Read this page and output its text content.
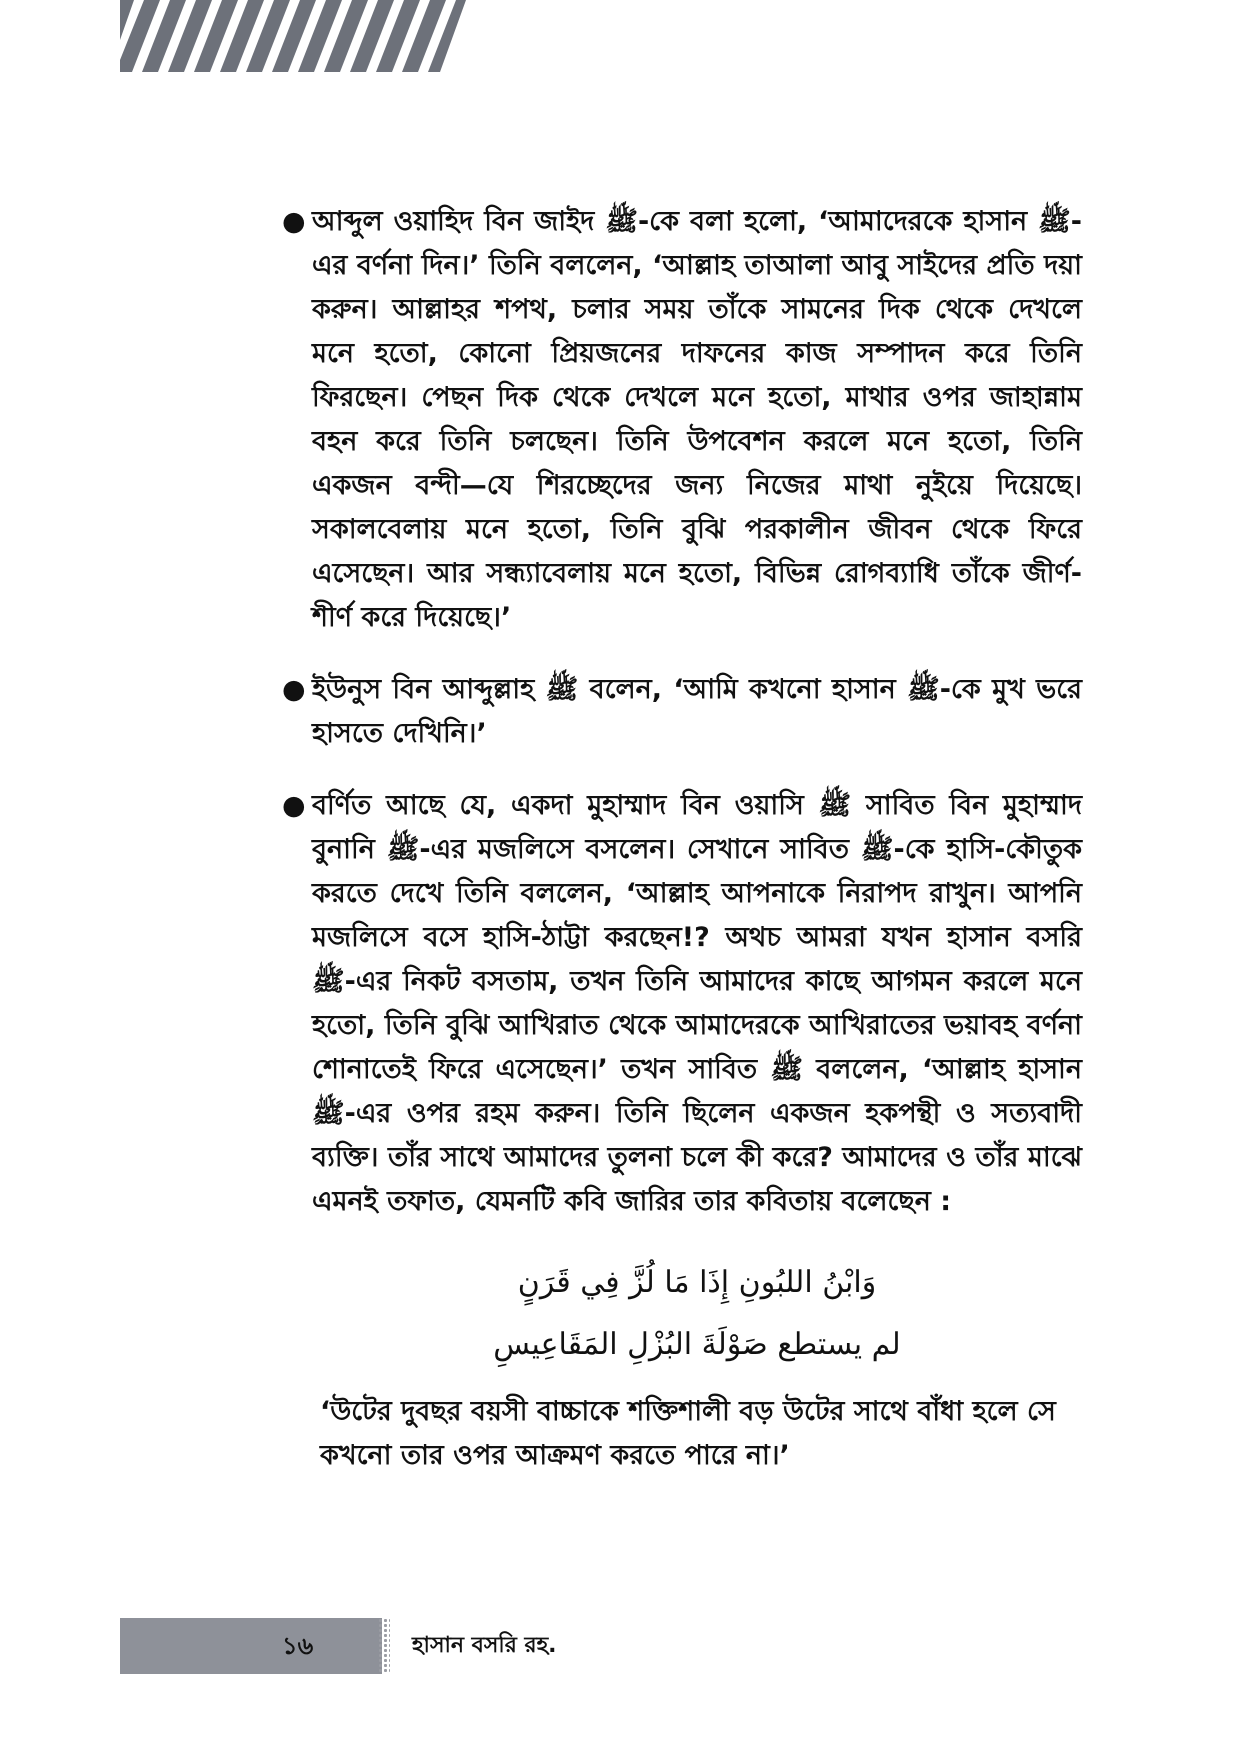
● আব্দুল ওয়াহিদ বিন জাইদ ﷺ-কে বলা হলো, ‘আমাদেরকে হাসান ﷺ-এর বর্ণনা দিন।’ তিনি বললেন, ‘আল্লাহ তাআলা আবু সাইদের প্রতি দয়া করুন। আল্লাহর শপথ, চলার সময় তাঁকে সামনের দিক থেকে দেখলে মনে হতো, কোনো প্রিয়জনের দাফনের কাজ সম্পাদন করে তিনি ফিরছেন। পেছন দিক থেকে দেখলে মনে হতো, মাথার ওপর জাহান্নাম বহন করে তিনি চলছেন। তিনি উপবেশন করলে মনে হতো, তিনি একজন বন্দী—যে শিরচ্ছেদের জন্য নিজের মাথা নুইয়ে দিয়েছে। সকালবেলায় মনে হতো, তিনি বুঝি পরকালীন জীবন থেকে ফিরে এসেছেন। আর সন্ধ্যাবেলায় মনে হতো, বিভিন্ন রোগব্যাধি তাঁকে জীর্ণ-শীর্ণ করে দিয়েছে।’
● ইউনুস বিন আব্দুল্লাহ ﷺ বলেন, ‘আমি কখনো হাসান ﷺ-কে মুখ ভরে হাসতে দেখিনি।’
● বর্ণিত আছে যে, একদা মুহাম্মাদ বিন ওয়াসি ﷺ সাবিত বিন মুহাম্মাদ বুনানি ﷺ-এর মজলিসে বসলেন। সেখানে সাবিত ﷺ-কে হাসি-কৌতুক করতে দেখে তিনি বললেন, ‘আল্লাহ আপনাকে নিরাপদ রাখুন। আপনি মজলিসে বসে হাসি-ঠাট্টা করছেন!? অথচ আমরা যখন হাসান বসরি ﷺ-এর নিকট বসতাম, তখন তিনি আমাদের কাছে আগমন করলে মনে হতো, তিনি বুঝি আখিরাত থেকে আমাদেরকে আখিরাতের ভয়াবহ বর্ণনা শোনাতেই ফিরে এসেছেন।’ তখন সাবিত ﷺ বললেন, ‘আল্লাহ হাসান ﷺ-এর ওপর রহম করুন। তিনি ছিলেন একজন হকপন্থী ও সত্যবাদী ব্যক্তি। তাঁর সাথে আমাদের তুলনা চলে কী করে? আমাদের ও তাঁর মাঝে এমনই তফাত, যেমনটি কবি জারির তার কবিতায় বলেছেন :

وَابْنُ اللبُونِ إِذَا مَا لُزَّ فِي قَرَنٍ

لم يستطع صَوْلَةَ البُزْلِ المَقَاعِيسِ

‘উটের দুবছর বয়সী বাচ্চাকে শক্তিশালী বড় উটের সাথে বাঁধা হলে সে কখনো তার ওপর আক্রমণ করতে পারে না।’
১৬	হাসান বসরি রহ.
